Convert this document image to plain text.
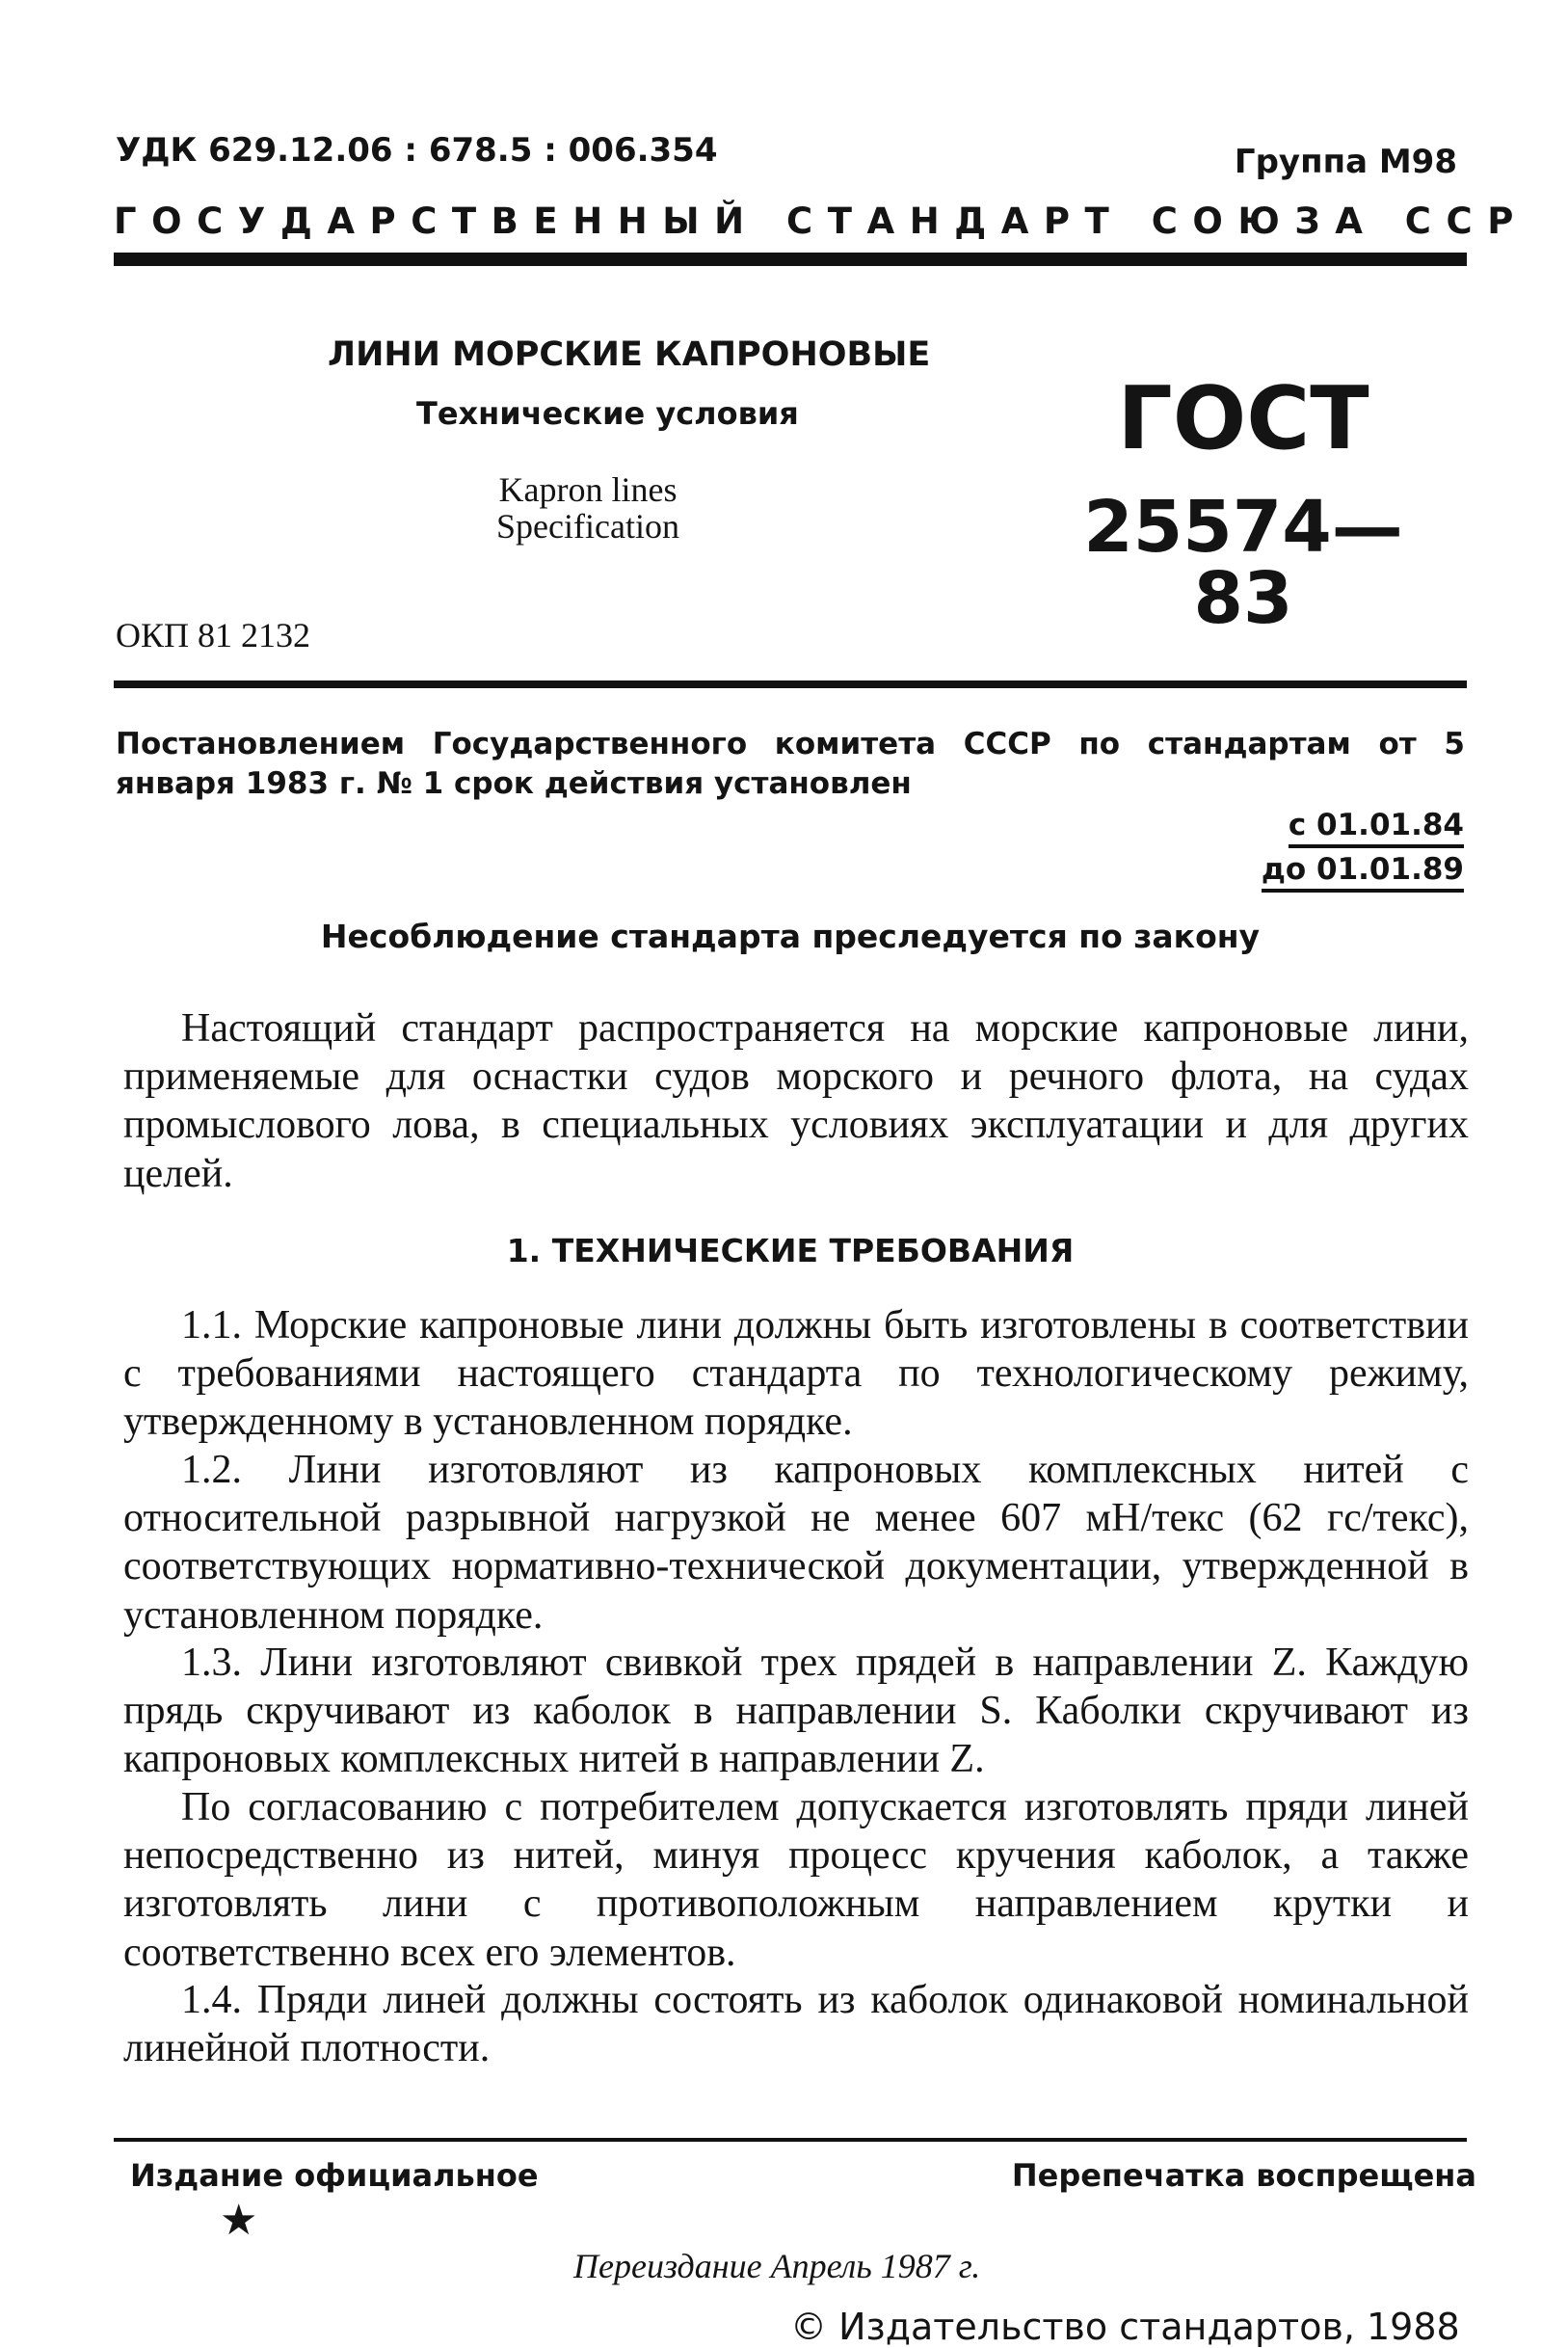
УДК 629.12.06 : 678.5 : 006.354	Группа М98
ГОСУДАРСТВЕННЫЙ СТАНДАРТ СОЮЗА ССР
ЛИНИ МОРСКИЕ КАПРОНОВЫЕ
Технические условия
Kapron lines
Specification
ГОСТ
25574—83
ОКП 81 2132
Постановлением Государственного комитета СССР по стандартам от 5 января 1983 г. № 1 срок действия установлен
с 01.01.84
до 01.01.89
Несоблюдение стандарта преследуется по закону
Настоящий стандарт распространяется на морские капроновые лини, применяемые для оснастки судов морского и речного флота, на судах промыслового лова, в специальных условиях эксплуатации и для других целей.
1. ТЕХНИЧЕСКИЕ ТРЕБОВАНИЯ
1.1. Морские капроновые лини должны быть изготовлены в соответствии с требованиями настоящего стандарта по технологическому режиму, утвержденному в установленном порядке.
1.2. Лини изготовляют из капроновых комплексных нитей с относительной разрывной нагрузкой не менее 607 мН/текс (62 гс/текс), соответствующих нормативно-технической документации, утвержденной в установленном порядке.
1.3. Лини изготовляют свивкой трех прядей в направлении Z. Каждую прядь скручивают из каболок в направлении S. Каболки скручивают из капроновых комплексных нитей в направлении Z.
По согласованию с потребителем допускается изготовлять пряди линей непосредственно из нитей, минуя процесс кручения каболок, а также изготовлять лини с противоположным направлением крутки и соответственно всех его элементов.
1.4. Пряди линей должны состоять из каболок одинаковой номинальной линейной плотности.
Издание официальное	Перепечатка воспрещена
★
Переиздание Апрель 1987 г.
© Издательство стандартов, 1988
